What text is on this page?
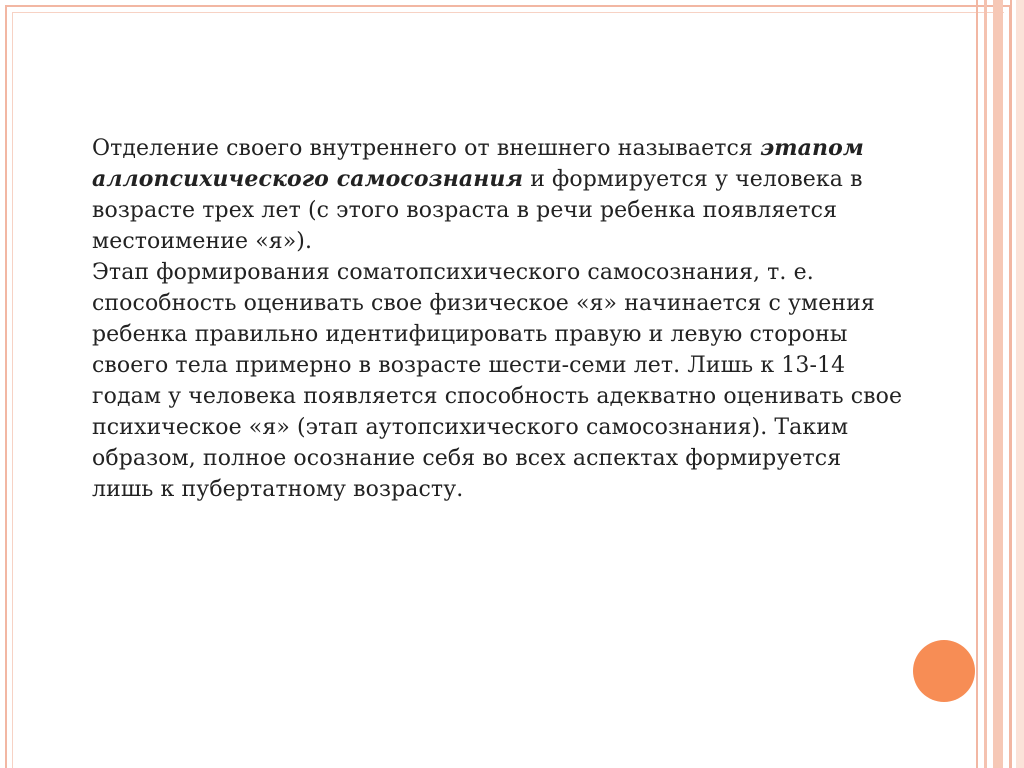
Отделение своего внутреннего от внешнего называется этапом аллопсихического самосознания и формируется у человека в возрасте трех лет (с этого возраста в речи ребенка появляется местоимение «я»).

Этап формирования соматопсихического самосознания, т. е. способность оценивать свое физическое «я» начинается с умения ребенка правильно идентифицировать правую и левую стороны своего тела примерно в возрасте шести-семи лет. Лишь к 13-14 годам у человека появляется способность адекватно оценивать свое психическое «я» (этап аутопсихического самосознания). Таким образом, полное осознание себя во всех аспектах формируется лишь к пубертатному возрасту.
